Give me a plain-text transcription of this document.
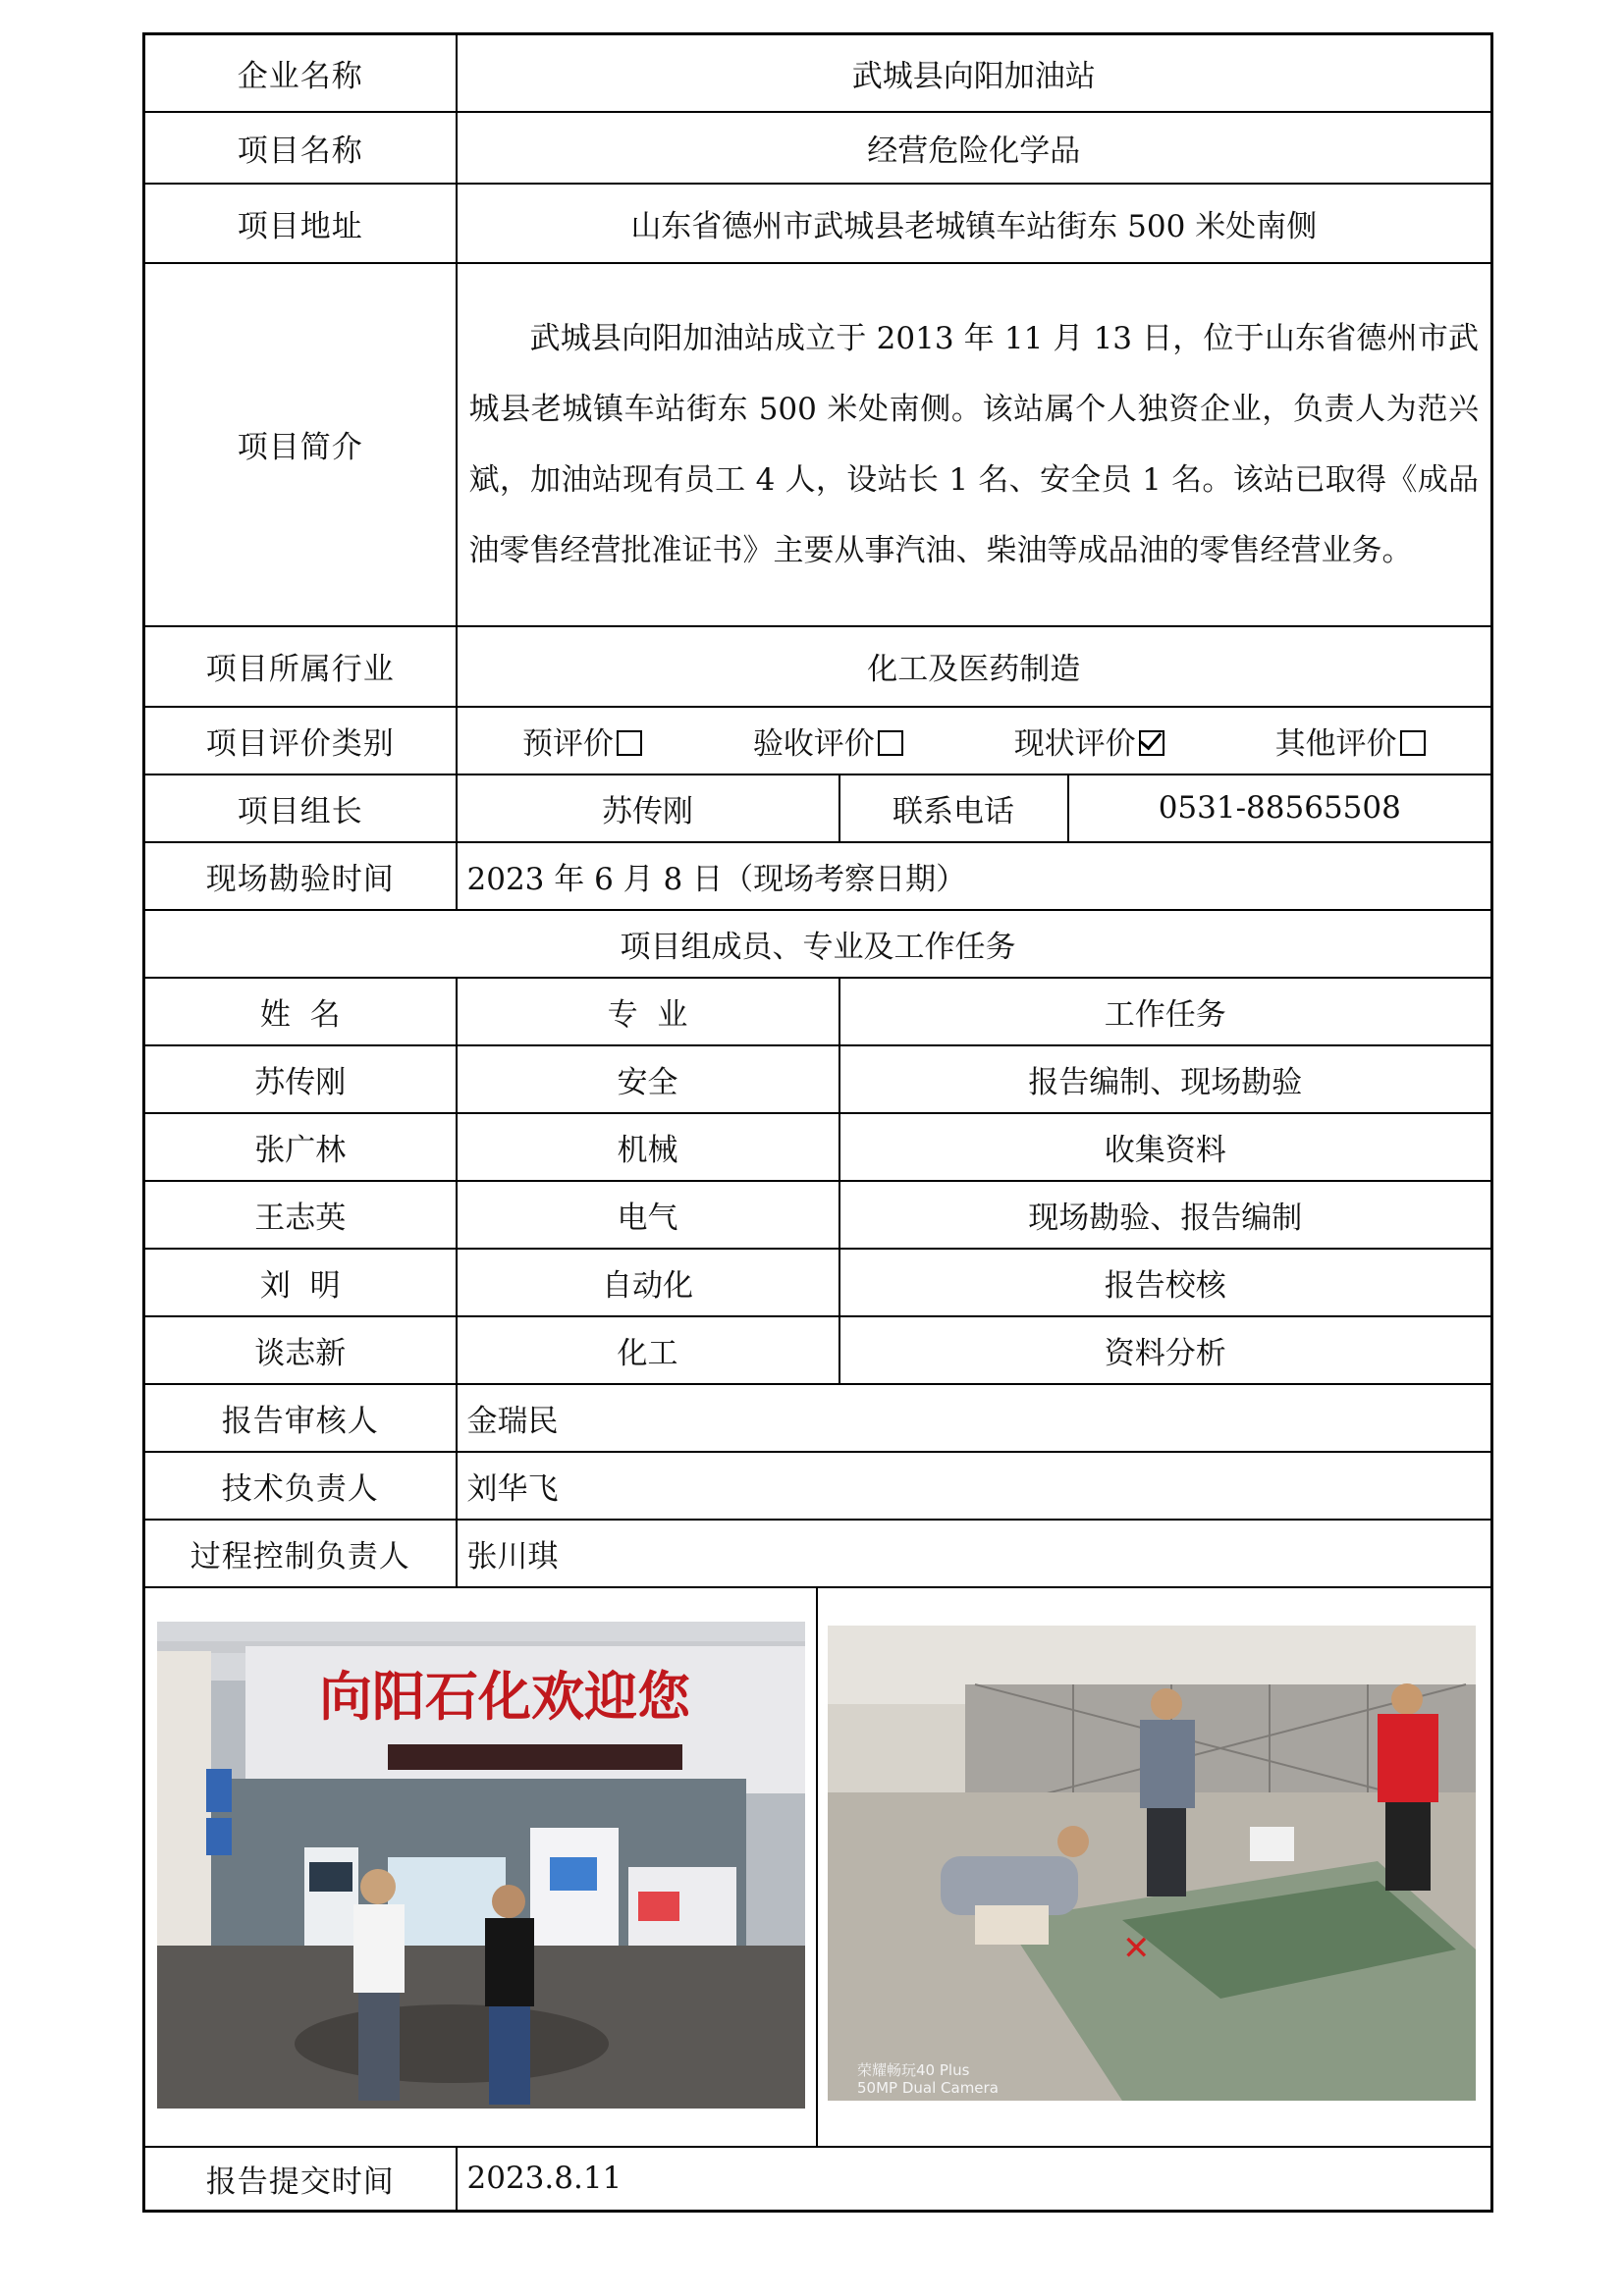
企业名称	武城县向阳加油站		
项目名称	经营危险化学品		
项目地址	山东省德州市武城县老城镇车站街东 500 米处南侧		
项目简介	武城县向阳加油站成立于 2013 年 11 月 13 日，位于山东省德州市武城县老城镇车站街东 500 米处南侧。该站属个人独资企业，负责人为范兴斌，加油站现有员工 4 人，设站长 1 名、安全员 1 名。该站已取得《成品油零售经营批准证书》主要从事汽油、柴油等成品油的零售经营业务。		
项目所属行业	化工及医药制造		
项目评价类别	预评价 验收评价 现状评价 其他评价		

项目组长	苏传刚	联系电话	0531-88565508
现场勘验时间	2023 年 6 月 8 日（现场考察日期）		
项目组成员、专业及工作任务			
姓  名	专  业	工作任务	
苏传刚	安全	报告编制、现场勘验	
张广林	机械	收集资料	
王志英	电气	现场勘验、报告编制	
刘  明	自动化	报告校核	
谈志新	化工	资料分析	
报告审核人	金瑞民		
技术负责人	刘华飞		
过程控制负责人	张川琪		

向阳石化欢迎您
✕
荣耀畅玩40 Plus
50MP Dual Camera			

报告提交时间	2023.8.11		
